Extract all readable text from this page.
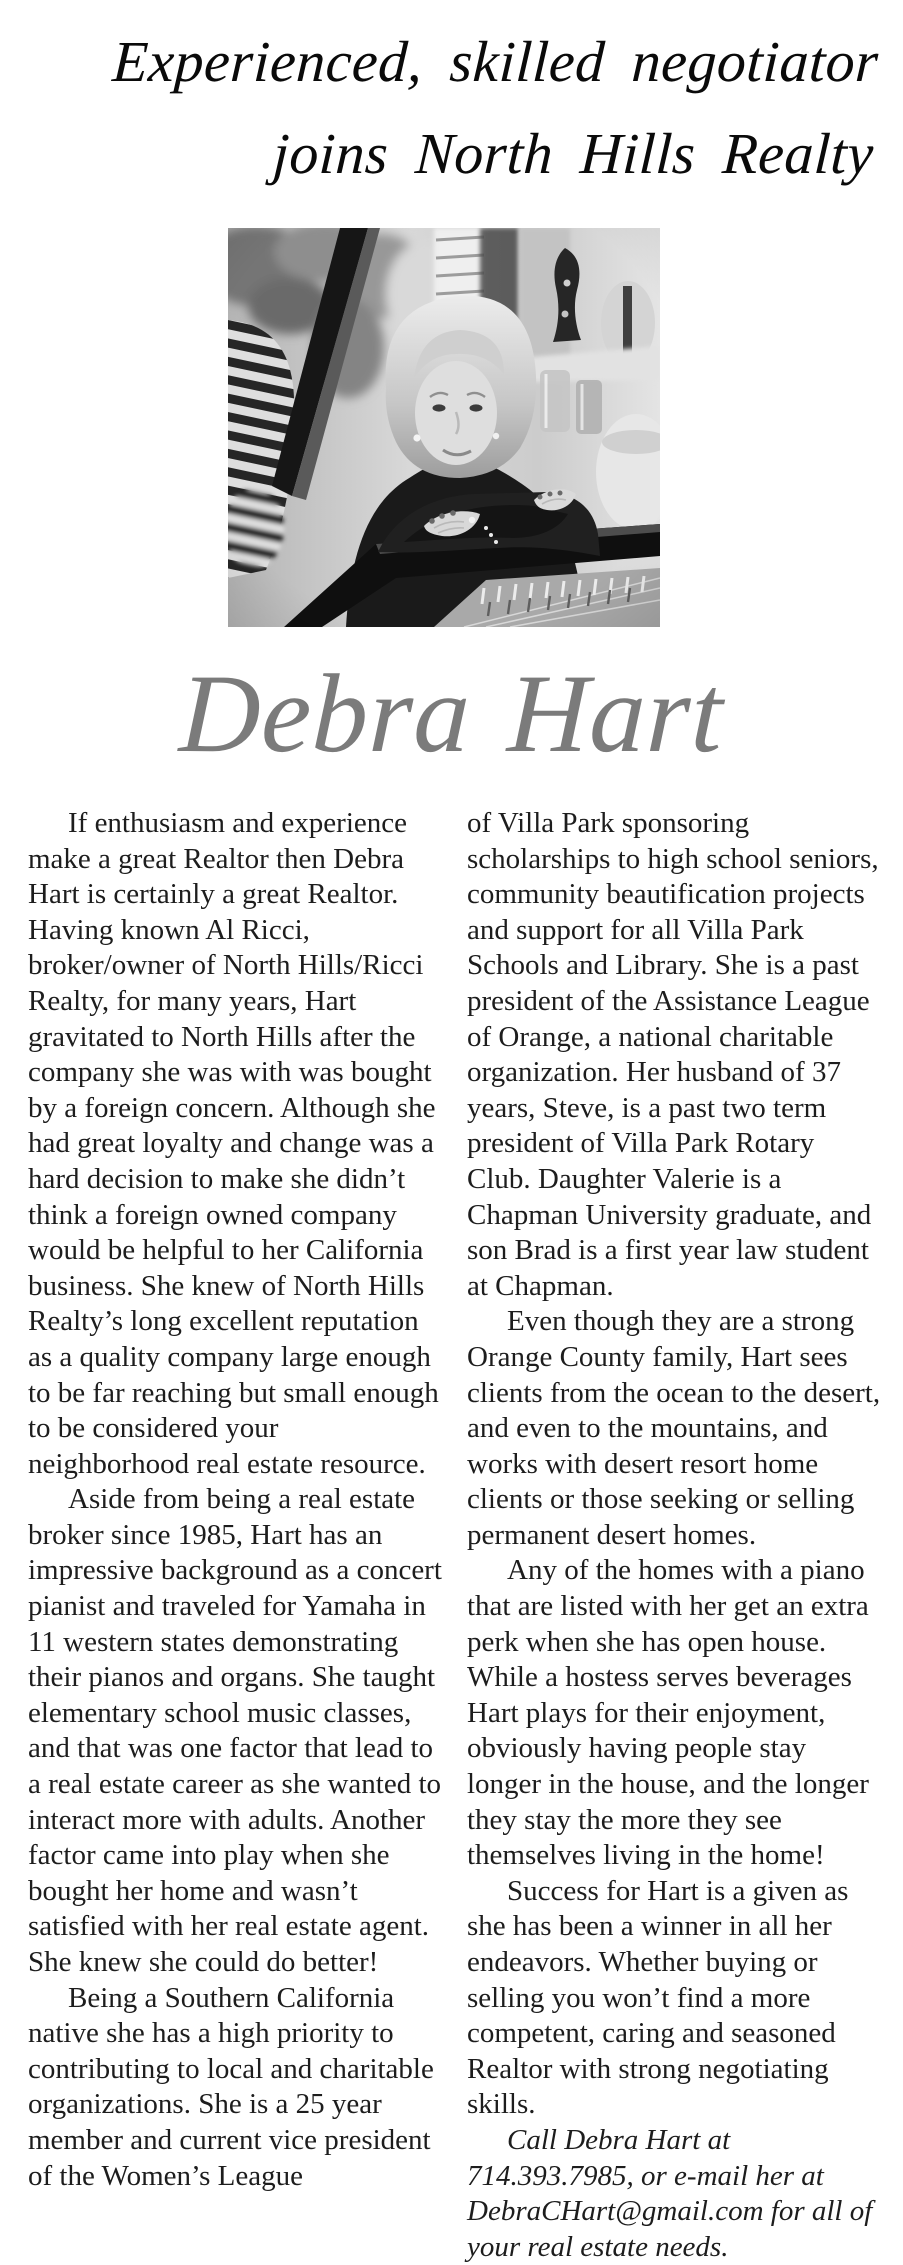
Experienced, skilled negotiator
joins North Hills Realty
Debra Hart

If enthusiasm and experience make a great Realtor then Debra Hart is certainly a great Realtor. Having known Al Ricci, broker/owner of North Hills/Ricci Realty, for many years, Hart gravitated to North Hills after the company she was with was bought by a foreign concern. Although she had great loyalty and change was a hard decision to make she didn’t think a foreign owned company would be helpful to her California business. She knew of North Hills Realty’s long excellent reputation as a quality company large enough to be far reaching but small enough to be considered your neighborhood real estate resource.

Aside from being a real estate broker since 1985, Hart has an impressive background as a concert pianist and traveled for Yamaha in 11 western states demonstrating their pianos and organs. She taught elementary school music classes, and that was one factor that lead to a real estate career as she wanted to interact more with adults. Another factor came into play when she bought her home and wasn’t satisfied with her real estate agent. She knew she could do better!

Being a Southern California native she has a high priority to contributing to local and charitable organizations. She is a 25 year member and current vice president of the Women’s League

of Villa Park sponsoring scholarships to high school seniors, community beautification projects and support for all Villa Park Schools and Library. She is a past president of the Assistance League of Orange, a national charitable organization. Her husband of 37 years, Steve, is a past two term president of Villa Park Rotary Club. Daughter Valerie is a Chapman University graduate, and son Brad is a first year law student at Chapman.

Even though they are a strong Orange County family, Hart sees clients from the ocean to the desert, and even to the mountains, and works with desert resort home clients or those seeking or selling permanent desert homes.

Any of the homes with a piano that are listed with her get an extra perk when she has open house. While a hostess serves beverages Hart plays for their enjoyment, obviously having people stay longer in the house, and the longer they stay the more they see themselves living in the home!

Success for Hart is a given as she has been a winner in all her endeavors. Whether buying or selling you won’t find a more competent, caring and seasoned Realtor with strong negotiating skills.

Call Debra Hart at 714.393.7985, or e-mail her at DebraCHart@gmail.com for all of your real estate needs.
